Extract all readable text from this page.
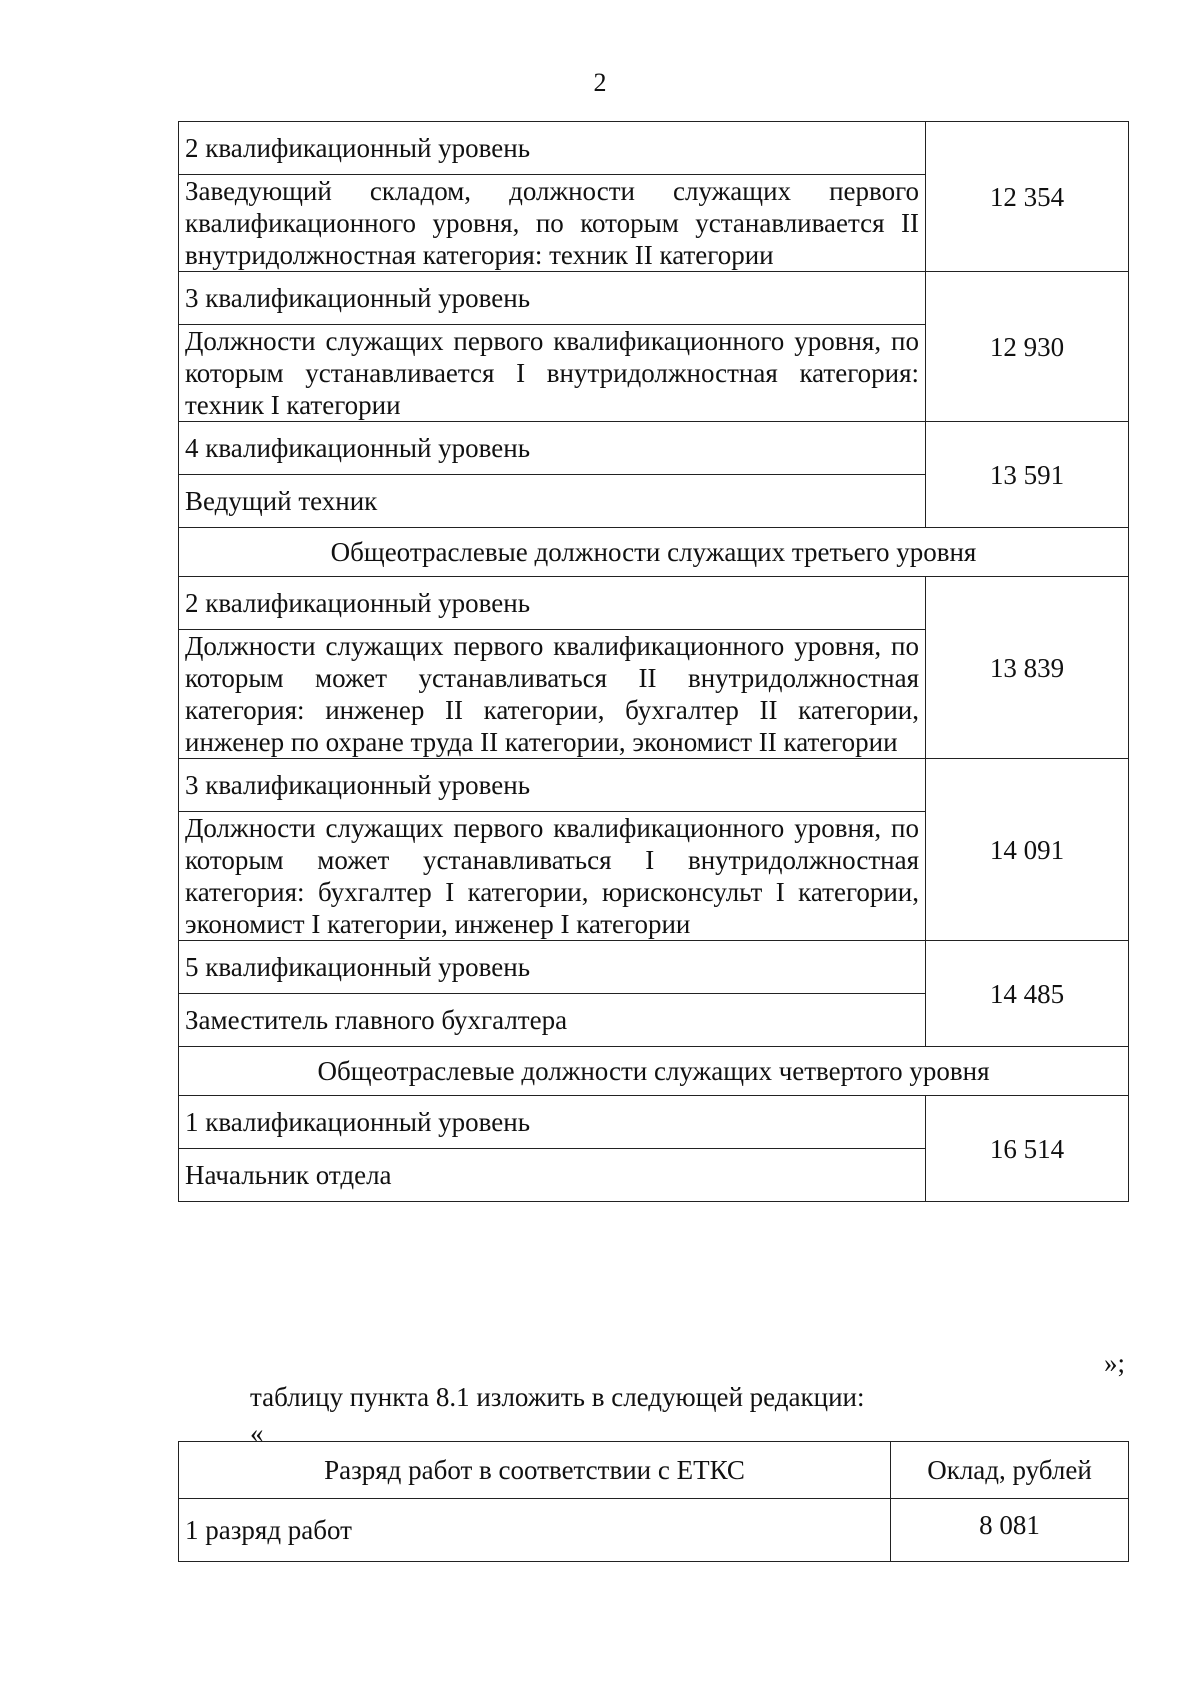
2
2 квалификационный уровень	12 354
Заведующий складом, должности служащих первого квалификационного уровня, по которым устанавливается II внутридолжностная категория: техник II категории	
3 квалификационный уровень	12 930
Должности служащих первого квалификационного уровня, по которым устанавливается I внутридолжностная категория: техник I категории	
4 квалификационный уровень	13 591
Ведущий техник	
Общеотраслевые должности служащих третьего уровня	
2 квалификационный уровень	13 839
Должности служащих первого квалификационного уровня, по которым может устанавливаться II внутридолжностная категория: инженер II категории, бухгалтер II категории, инженер по охране труда II категории, экономист II категории	
3 квалификационный уровень	14 091
Должности служащих первого квалификационного уровня, по которым может устанавливаться I внутридолжностная категория: бухгалтер I категории, юрисконсульт I категории, экономист I категории, инженер I категории	
5 квалификационный уровень	14 485
Заместитель главного бухгалтера	
Общеотраслевые должности служащих четвертого уровня	
1 квалификационный уровень	16 514
Начальник отдела	
»;
таблицу пункта 8.1 изложить в следующей редакции:
«
Разряд работ в соответствии с ЕТКС	Оклад, рублей
1 разряд работ	8 081
